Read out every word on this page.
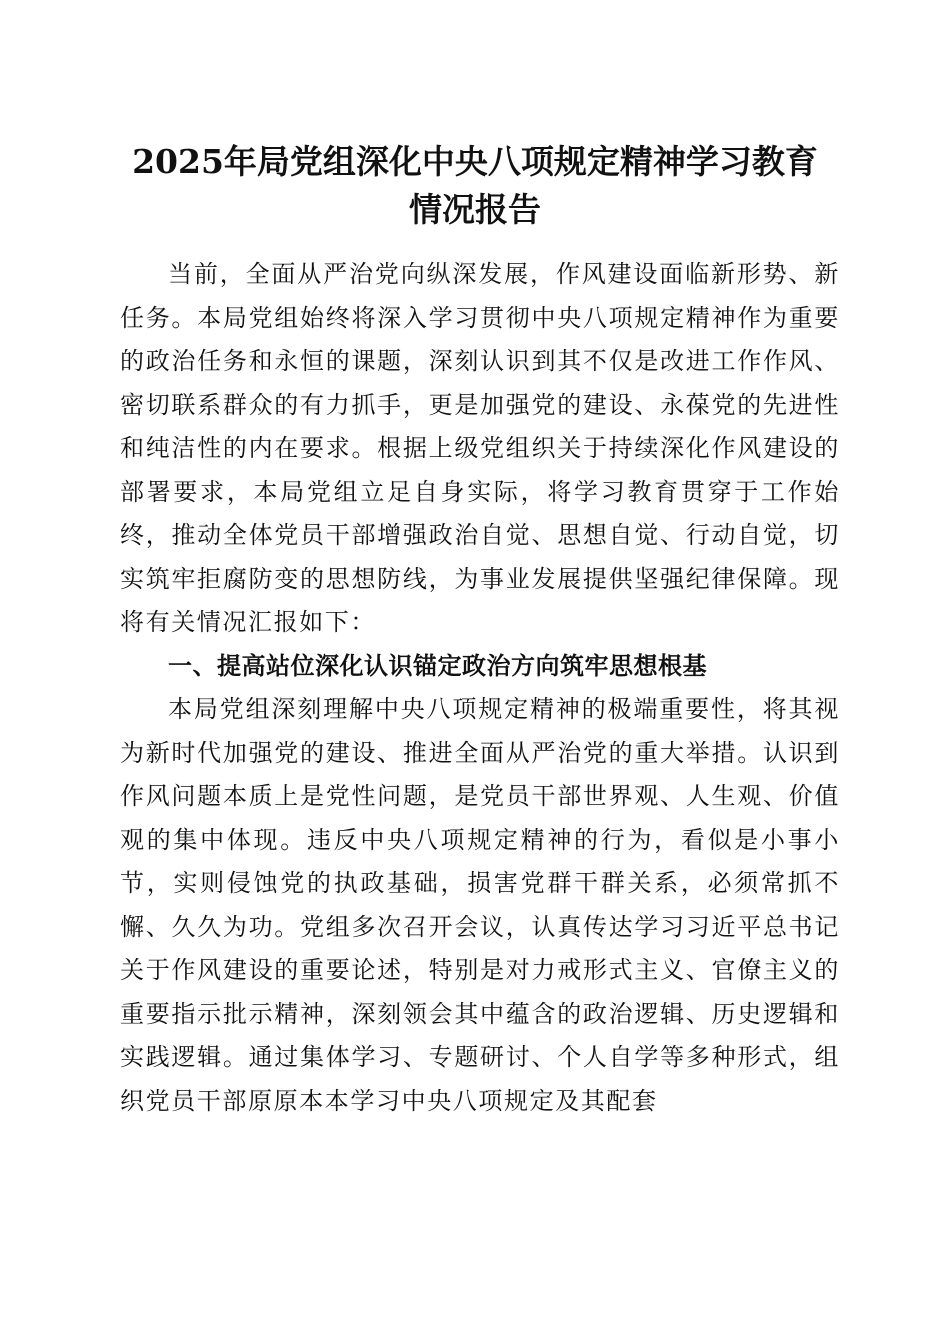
2025年局党组深化中央八项规定精神学习教育情况报告

当前，全面从严治党向纵深发展，作风建设面临新形势、新任务。本局党组始终将深入学习贯彻中央八项规定精神作为重要的政治任务和永恒的课题，深刻认识到其不仅是改进工作作风、密切联系群众的有力抓手，更是加强党的建设、永葆党的先进性和纯洁性的内在要求。根据上级党组织关于持续深化作风建设的部署要求，本局党组立足自身实际，将学习教育贯穿于工作始终，推动全体党员干部增强政治自觉、思想自觉、行动自觉，切实筑牢拒腐防变的思想防线，为事业发展提供坚强纪律保障。现将有关情况汇报如下：

一、提高站位深化认识锚定政治方向筑牢思想根基

本局党组深刻理解中央八项规定精神的极端重要性，将其视为新时代加强党的建设、推进全面从严治党的重大举措。认识到作风问题本质上是党性问题，是党员干部世界观、人生观、价值观的集中体现。违反中央八项规定精神的行为，看似是小事小节，实则侵蚀党的执政基础，损害党群干群关系，必须常抓不懈、久久为功。党组多次召开会议，认真传达学习习近平总书记关于作风建设的重要论述，特别是对力戒形式主义、官僚主义的重要指示批示精神，深刻领会其中蕴含的政治逻辑、历史逻辑和实践逻辑。通过集体学习、专题研讨、个人自学等多种形式，组织党员干部原原本本学习中央八项规定及其配套
